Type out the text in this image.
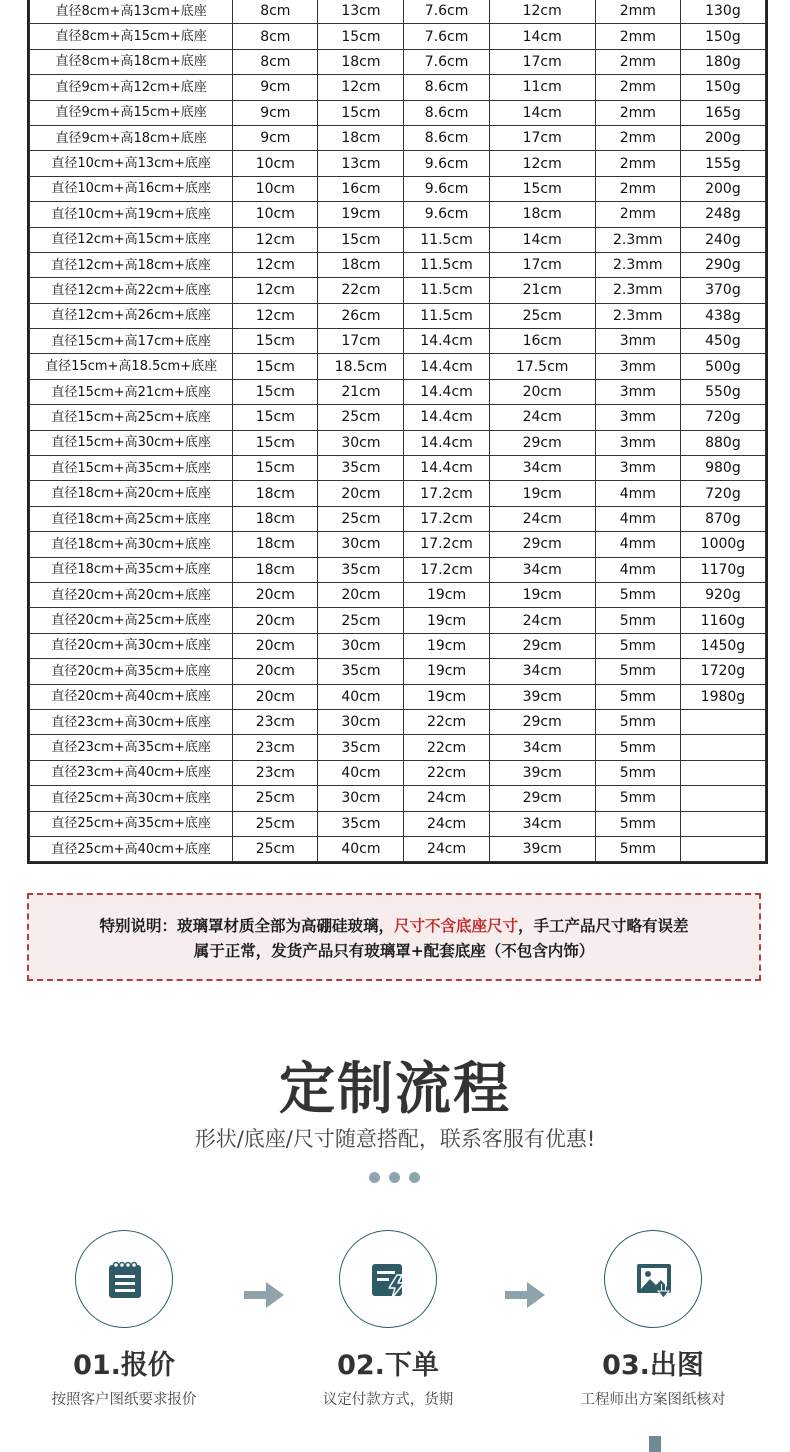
直径8cm+高13cm+底座	8cm	13cm	7.6cm	12cm	2mm	130g
直径8cm+高15cm+底座	8cm	15cm	7.6cm	14cm	2mm	150g
直径8cm+高18cm+底座	8cm	18cm	7.6cm	17cm	2mm	180g
直径9cm+高12cm+底座	9cm	12cm	8.6cm	11cm	2mm	150g
直径9cm+高15cm+底座	9cm	15cm	8.6cm	14cm	2mm	165g
直径9cm+高18cm+底座	9cm	18cm	8.6cm	17cm	2mm	200g
直径10cm+高13cm+底座	10cm	13cm	9.6cm	12cm	2mm	155g
直径10cm+高16cm+底座	10cm	16cm	9.6cm	15cm	2mm	200g
直径10cm+高19cm+底座	10cm	19cm	9.6cm	18cm	2mm	248g
直径12cm+高15cm+底座	12cm	15cm	11.5cm	14cm	2.3mm	240g
直径12cm+高18cm+底座	12cm	18cm	11.5cm	17cm	2.3mm	290g
直径12cm+高22cm+底座	12cm	22cm	11.5cm	21cm	2.3mm	370g
直径12cm+高26cm+底座	12cm	26cm	11.5cm	25cm	2.3mm	438g
直径15cm+高17cm+底座	15cm	17cm	14.4cm	16cm	3mm	450g
直径15cm+高18.5cm+底座	15cm	18.5cm	14.4cm	17.5cm	3mm	500g
直径15cm+高21cm+底座	15cm	21cm	14.4cm	20cm	3mm	550g
直径15cm+高25cm+底座	15cm	25cm	14.4cm	24cm	3mm	720g
直径15cm+高30cm+底座	15cm	30cm	14.4cm	29cm	3mm	880g
直径15cm+高35cm+底座	15cm	35cm	14.4cm	34cm	3mm	980g
直径18cm+高20cm+底座	18cm	20cm	17.2cm	19cm	4mm	720g
直径18cm+高25cm+底座	18cm	25cm	17.2cm	24cm	4mm	870g
直径18cm+高30cm+底座	18cm	30cm	17.2cm	29cm	4mm	1000g
直径18cm+高35cm+底座	18cm	35cm	17.2cm	34cm	4mm	1170g
直径20cm+高20cm+底座	20cm	20cm	19cm	19cm	5mm	920g
直径20cm+高25cm+底座	20cm	25cm	19cm	24cm	5mm	1160g
直径20cm+高30cm+底座	20cm	30cm	19cm	29cm	5mm	1450g
直径20cm+高35cm+底座	20cm	35cm	19cm	34cm	5mm	1720g
直径20cm+高40cm+底座	20cm	40cm	19cm	39cm	5mm	1980g
直径23cm+高30cm+底座	23cm	30cm	22cm	29cm	5mm	
直径23cm+高35cm+底座	23cm	35cm	22cm	34cm	5mm	
直径23cm+高40cm+底座	23cm	40cm	22cm	39cm	5mm	
直径25cm+高30cm+底座	25cm	30cm	24cm	29cm	5mm	
直径25cm+高35cm+底座	25cm	35cm	24cm	34cm	5mm	
直径25cm+高40cm+底座	25cm	40cm	24cm	39cm	5mm	
特别说明：玻璃罩材质全部为高硼硅玻璃，尺寸不含底座尺寸，手工产品尺寸略有误差
属于正常，发货产品只有玻璃罩+配套底座（不包含内饰）
定制流程
形状/底座/尺寸随意搭配，联系客服有优惠!
01.报价	02.下单	03.出图
按照客户图纸要求报价	议定付款方式，货期	工程师出方案图纸核对
